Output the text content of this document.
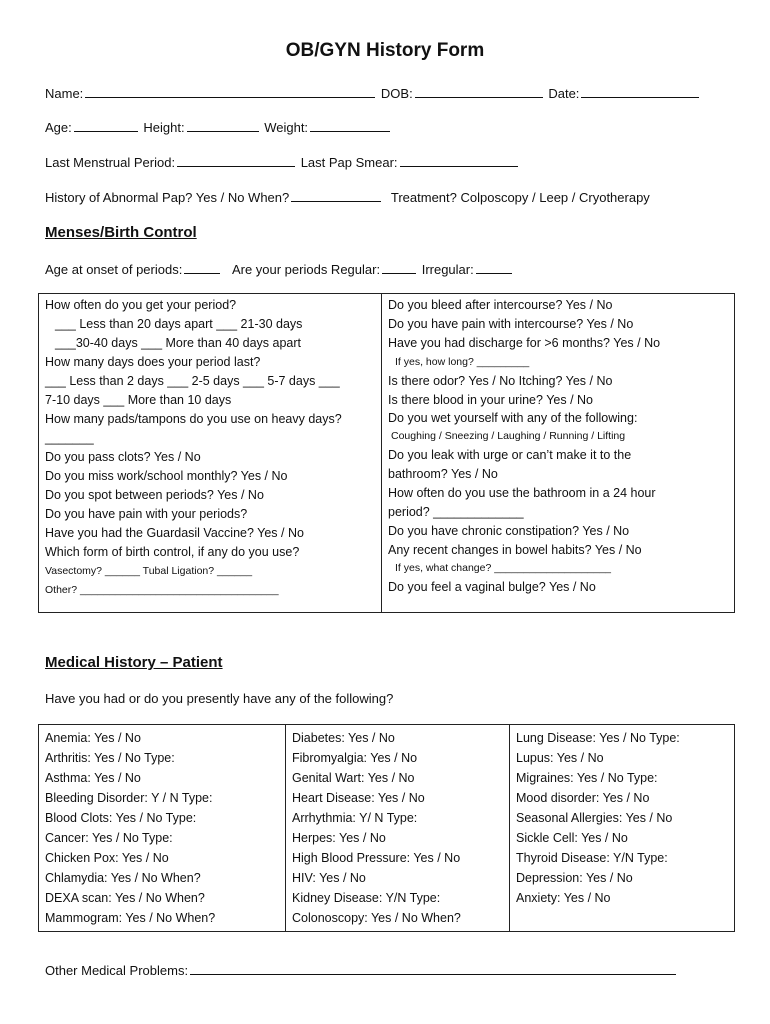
OB/GYN History Form
Name:	DOB:	Date:
Age:	Height:	Weight:
Last Menstrual Period:	Last Pap Smear:
History of Abnormal Pap? Yes / No When?	Treatment? Colposcopy / Leep / Cryotherapy
Menses/Birth Control
Age at onset of periods:	Are your periods Regular:	Irregular:
How often do you get your period?
___ Less than 20 days apart ___ 21-30 days
___30-40 days ___ More than 40 days apart
How many days does your period last?
___ Less than 2 days ___ 2-5 days ___ 5-7 days ___
7-10 days ___ More than 10 days
How many pads/tampons do you use on heavy days?
_______
Do you pass clots? Yes / No
Do you miss work/school monthly? Yes / No
Do you spot between periods? Yes / No
Do you have pain with your periods?
Have you had the Guardasil Vaccine? Yes / No
Which form of birth control, if any do you use?
Vasectomy? ______ Tubal Ligation? ______
Other? __________________________________
Do you bleed after intercourse? Yes / No
Do you have pain with intercourse? Yes / No
Have you had discharge for >6 months? Yes / No
If yes, how long? _________
Is there odor? Yes / No Itching? Yes / No
Is there blood in your urine? Yes / No
Do you wet yourself with any of the following:
Coughing / Sneezing / Laughing / Running / Lifting
Do you leak with urge or can’t make it to the
bathroom? Yes / No
How often do you use the bathroom in a 24 hour
period? _____________
Do you have chronic constipation? Yes / No
Any recent changes in bowel habits? Yes / No
If yes, what change? ____________________
Do you feel a vaginal bulge? Yes / No
Medical History – Patient
Have you had or do you presently have any of the following?
Anemia: Yes / No
Arthritis: Yes / No Type:
Asthma: Yes / No
Bleeding Disorder: Y / N Type:
Blood Clots: Yes / No Type:
Cancer: Yes / No Type:
Chicken Pox: Yes / No
Chlamydia: Yes / No When?
DEXA scan: Yes / No When?
Mammogram: Yes / No When?

Diabetes: Yes / No
Fibromyalgia: Yes / No
Genital Wart: Yes / No
Heart Disease: Yes / No
Arrhythmia: Y/ N Type:
Herpes: Yes / No
High Blood Pressure: Yes / No
HIV: Yes / No
Kidney Disease: Y/N Type:
Colonoscopy: Yes / No When?

Lung Disease: Yes / No Type:
Lupus: Yes / No
Migraines: Yes / No Type:
Mood disorder: Yes / No
Seasonal Allergies: Yes / No
Sickle Cell: Yes / No
Thyroid Disease: Y/N Type:
Depression: Yes / No
Anxiety: Yes / No
Other Medical Problems:
